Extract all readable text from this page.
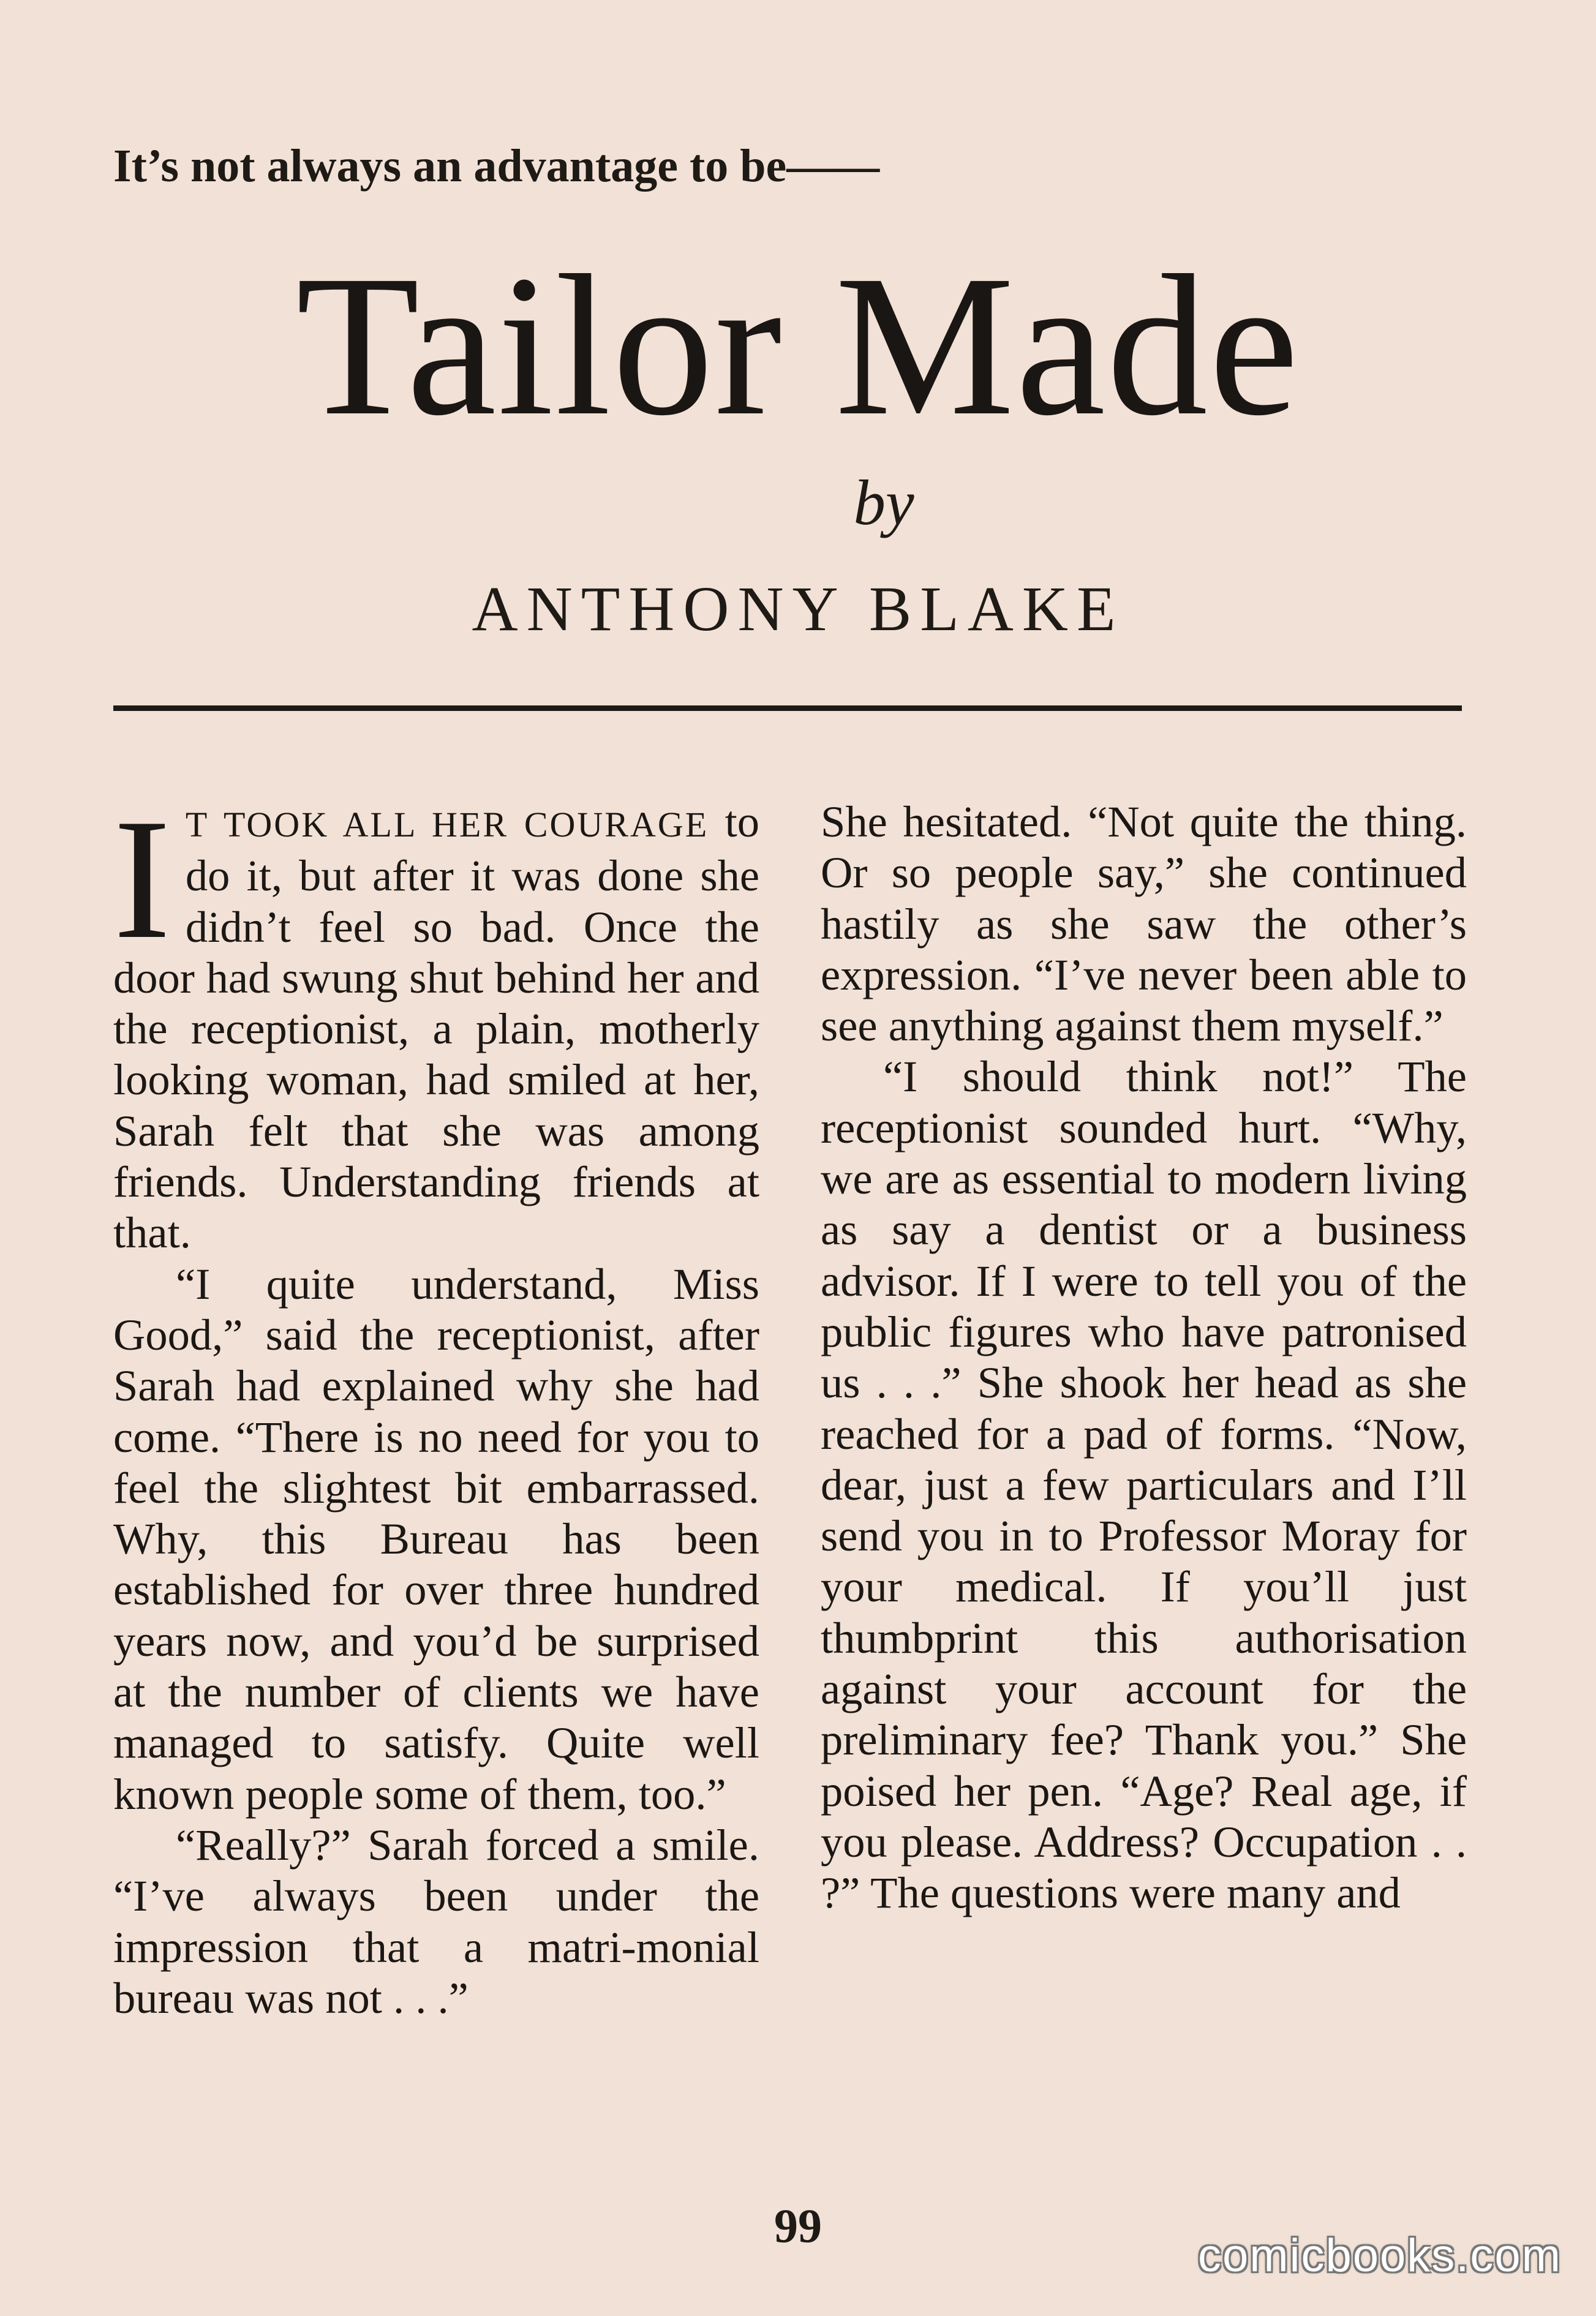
It’s not always an advantage to be——
Tailor Made
by
ANTHONY BLAKE

I T TOOK ALL HER COURAGE to do it, but after it was done she didn’t feel so bad. Once the door had swung shut behind her and the receptionist, a plain, motherly looking woman, had smiled at her, Sarah felt that she was among friends. Understanding friends at that.

“I quite understand, Miss Good,” said the receptionist, after Sarah had explained why she had come. “There is no need for you to feel the slightest bit embarrassed. Why, this Bureau has been established for over three hundred years now, and you’d be surprised at the number of clients we have managed to satisfy. Quite well known people some of them, too.”

“Really?” Sarah forced a smile. “I’ve always been under the impression that a matri-monial bureau was not . . .”

She hesitated. “Not quite the thing. Or so people say,” she continued hastily as she saw the other’s expression. “I’ve never been able to see anything against them myself.”

“I should think not!” The receptionist sounded hurt. “Why, we are as essential to modern living as say a dentist or a business advisor. If I were to tell you of the public figures who have patronised us . . .” She shook her head as she reached for a pad of forms. “Now, dear, just a few particulars and I’ll send you in to Professor Moray for your medical. If you’ll just thumbprint this authorisation against your account for the preliminary fee? Thank you.” She poised her pen. “Age? Real age, if you please. Address? Occupation . . ?” The questions were many and

99
comicbooks.com
